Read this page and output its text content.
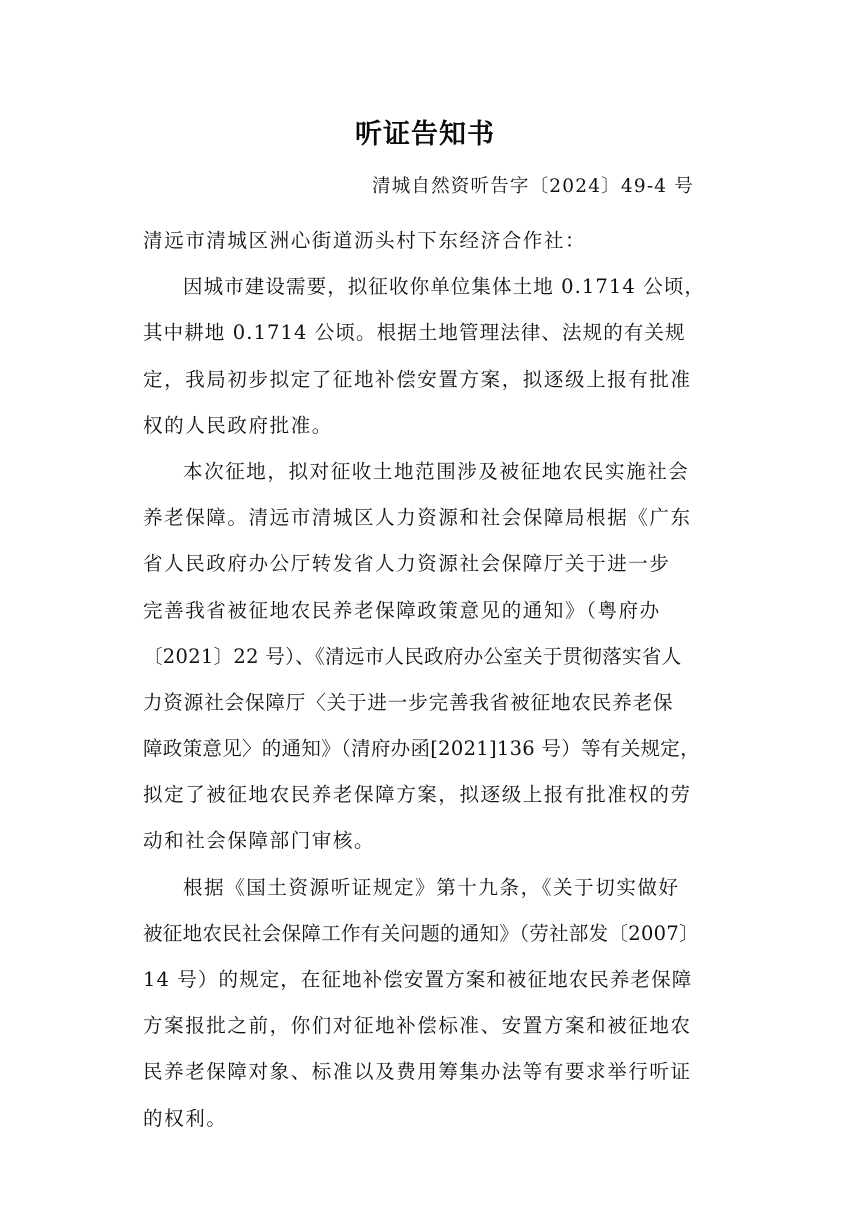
听证告知书
清城自然资听告字〔2024〕49-4 号
清远市清城区洲心街道沥头村下东经济合作社：
因城市建设需要，拟征收你单位集体土地 0.1714 公顷，
其中耕地 0.1714 公顷。根据土地管理法律、法规的有关规
定，我局初步拟定了征地补偿安置方案，拟逐级上报有批准
权的人民政府批准。
本次征地，拟对征收土地范围涉及被征地农民实施社会
养老保障。清远市清城区人力资源和社会保障局根据《广东
省人民政府办公厅转发省人力资源社会保障厅关于进一步
完善我省被征地农民养老保障政策意见的通知》（粤府办
〔2021〕22 号）、《清远市人民政府办公室关于贯彻落实省人
力资源社会保障厅〈关于进一步完善我省被征地农民养老保
障政策意见〉的通知》（清府办函[2021]136 号）等有关规定，
拟定了被征地农民养老保障方案，拟逐级上报有批准权的劳
动和社会保障部门审核。
根据《国土资源听证规定》第十九条，《关于切实做好
被征地农民社会保障工作有关问题的通知》（劳社部发〔2007〕
14 号）的规定，在征地补偿安置方案和被征地农民养老保障
方案报批之前，你们对征地补偿标准、安置方案和被征地农
民养老保障对象、标准以及费用筹集办法等有要求举行听证
的权利。
